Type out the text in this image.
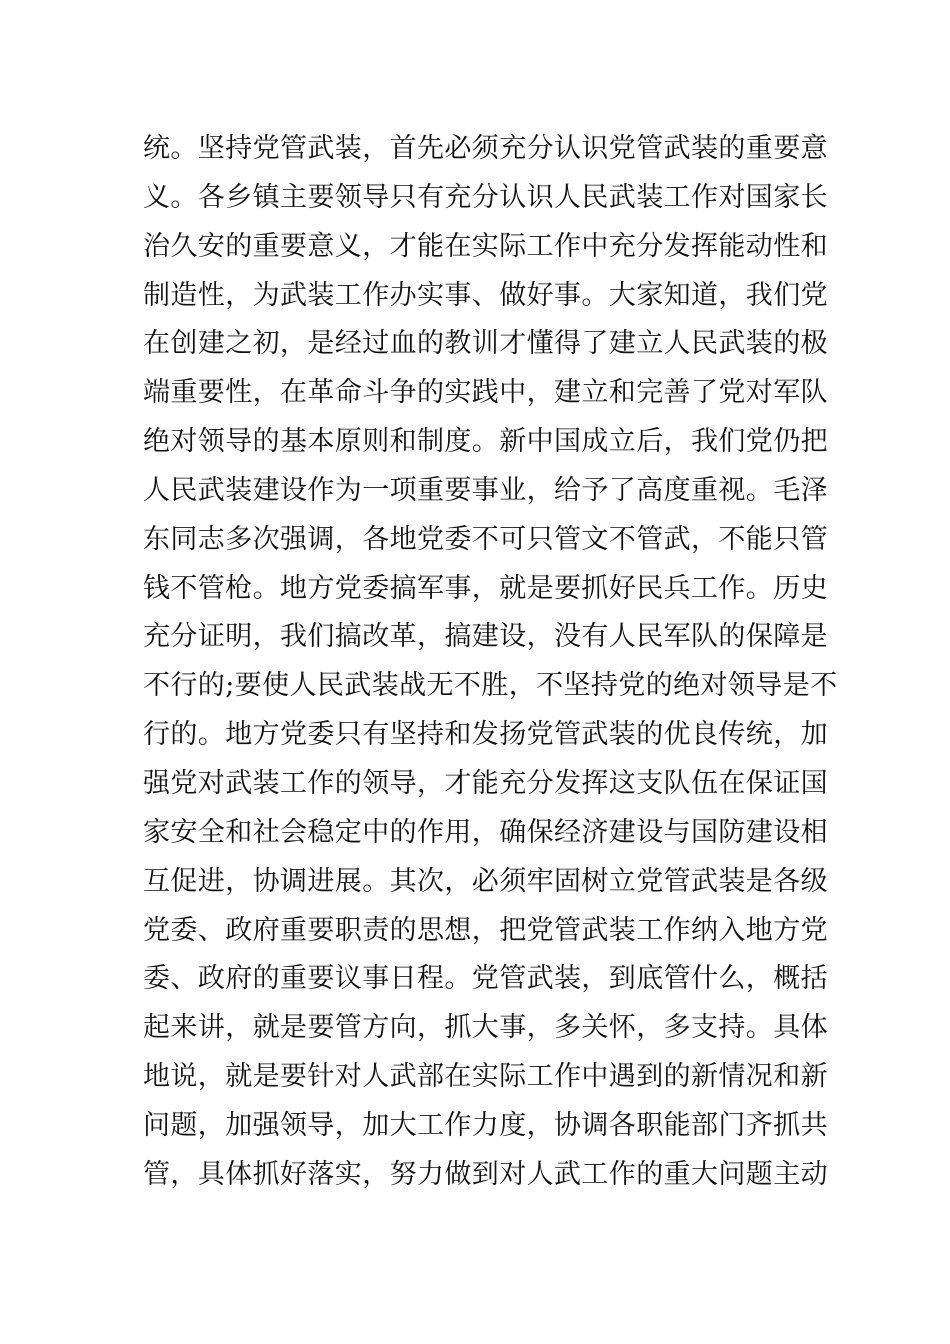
统。坚持党管武装，首先必须充分认识党管武装的重要意
义。各乡镇主要领导只有充分认识人民武装工作对国家长
治久安的重要意义，才能在实际工作中充分发挥能动性和
制造性，为武装工作办实事、做好事。大家知道，我们党
在创建之初，是经过血的教训才懂得了建立人民武装的极
端重要性，在革命斗争的实践中，建立和完善了党对军队
绝对领导的基本原则和制度。新中国成立后，我们党仍把
人民武装建设作为一项重要事业，给予了高度重视。毛泽
东同志多次强调，各地党委不可只管文不管武，不能只管
钱不管枪。地方党委搞军事，就是要抓好民兵工作。历史
充分证明，我们搞改革，搞建设，没有人民军队的保障是
不行的;要使人民武装战无不胜，不坚持党的绝对领导是不
行的。地方党委只有坚持和发扬党管武装的优良传统，加
强党对武装工作的领导，才能充分发挥这支队伍在保证国
家安全和社会稳定中的作用，确保经济建设与国防建设相
互促进，协调进展。其次，必须牢固树立党管武装是各级
党委、政府重要职责的思想，把党管武装工作纳入地方党
委、政府的重要议事日程。党管武装，到底管什么，概括
起来讲，就是要管方向，抓大事，多关怀，多支持。具体
地说，就是要针对人武部在实际工作中遇到的新情况和新
问题，加强领导，加大工作力度，协调各职能部门齐抓共
管，具体抓好落实，努力做到对人武工作的重大问题主动
